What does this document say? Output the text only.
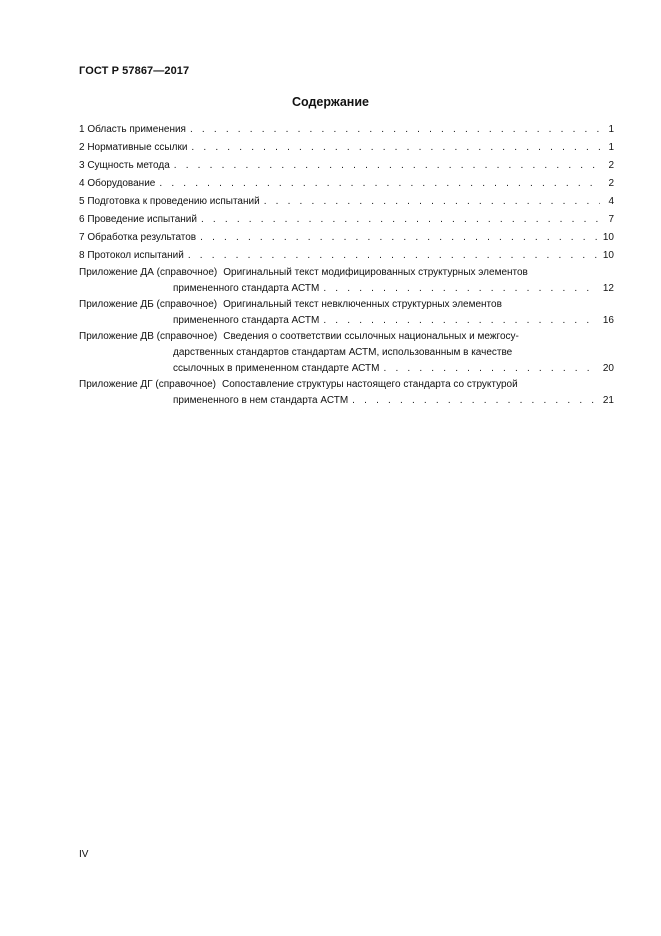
ГОСТ Р 57867—2017
Содержание
1 Область применения . . .	1
2 Нормативные ссылки . . .	1
3 Сущность метода . . .	2
4 Оборудование . . .	2
5 Подготовка к проведению испытаний . . .	4
6 Проведение испытаний . . .	7
7 Обработка результатов . . .	10
8 Протокол испытаний . . .	10
Приложение ДА (справочное) Оригинальный текст модифицированных структурных элементов
примененного стандарта АСТМ . . .	12
Приложение ДБ (справочное) Оригинальный текст невключенных структурных элементов
примененного стандарта АСТМ . . .	16
Приложение ДВ (справочное) Сведения о соответствии ссылочных национальных и межгосу-
дарственных стандартов стандартам АСТМ, использованным в качестве
ссылочных в примененном стандарте АСТМ . . .	20
Приложение ДГ (справочное) Сопоставление структуры настоящего стандарта со структурой
примененного в нем стандарта АСТМ . . .	21
IV
